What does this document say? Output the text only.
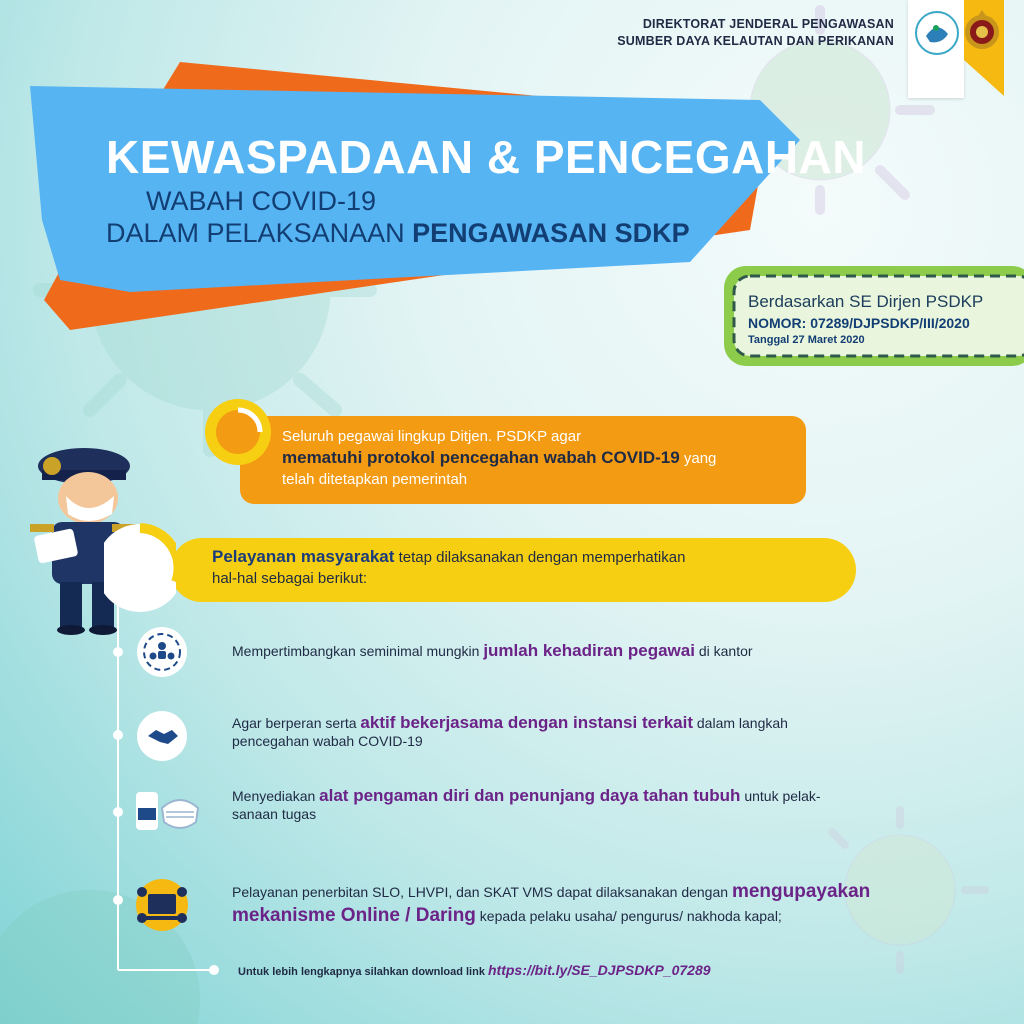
DIREKTORAT JENDERAL PENGAWASAN
SUMBER DAYA KELAUTAN DAN PERIKANAN
KEWASPADAAN & PENCEGAHAN
WABAH COVID-19
DALAM PELAKSANAAN PENGAWASAN SDKP
Berdasarkan SE Dirjen PSDKP
NOMOR: 07289/DJPSDKP/III/2020
Tanggal 27 Maret 2020
Seluruh pegawai lingkup Ditjen. PSDKP agar
mematuhi protokol pencegahan wabah COVID-19 yang
telah ditetapkan pemerintah
Pelayanan masyarakat tetap dilaksanakan dengan memperhatikan
hal-hal sebagai berikut:
Mempertimbangkan seminimal mungkin jumlah kehadiran pegawai di kantor
Agar berperan serta aktif bekerjasama dengan instansi terkait dalam langkah
pencegahan wabah COVID-19
Menyediakan alat pengaman diri dan penunjang daya tahan tubuh untuk pelak-
sanaan tugas
Pelayanan penerbitan SLO, LHVPI, dan SKAT VMS dapat dilaksanakan dengan mengupayakan
mekanisme Online / Daring kepada pelaku usaha/ pengurus/ nakhoda kapal;
Untuk lebih lengkapnya silahkan download link https://bit.ly/SE_DJPSDKP_07289
